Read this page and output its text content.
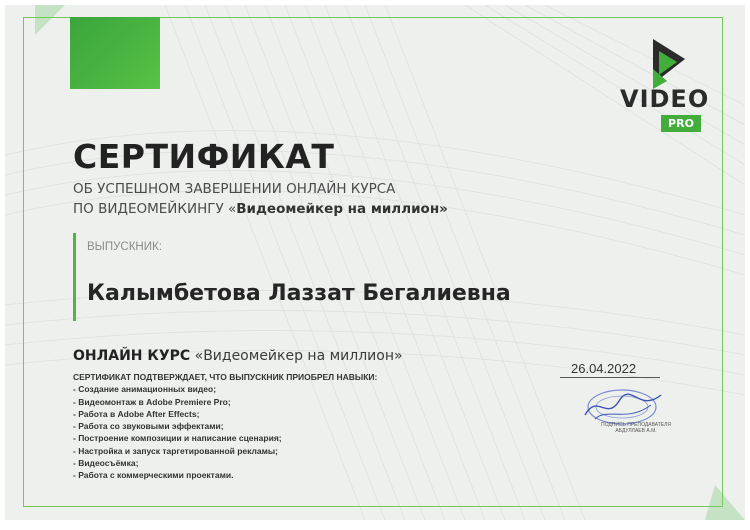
VIDEO
PRO
СЕРТИФИКАТ
ОБ УСПЕШНОМ ЗАВЕРШЕНИИ ОНЛАЙН КУРСА
ПО ВИДЕОМЕЙКИНГУ «Видеомейкер на миллион»
ВЫПУСКНИК:
Калымбетова Лаззат Бегалиевна
ОНЛАЙН КУРС «Видеомейкер на миллион»
СЕРТИФИКАТ ПОДТВЕРЖДАЕТ, ЧТО ВЫПУСКНИК ПРИОБРЕЛ НАВЫКИ:
- Создание анимационных видео;
- Видеомонтаж в Adobe Premiere Pro;
- Работа в Adobe After Effects;
- Работа со звуковыми эффектами;
- Построение композиции и написание сценария;
- Настройка и запуск таргетированной рекламы;
- Видеосъёмка;
- Работа с коммерческими проектами.
26.04.2022
ПОДПИСЬ ПРЕПОДАВАТЕЛЯ
АБДУЛЛАЕВ А.М.
